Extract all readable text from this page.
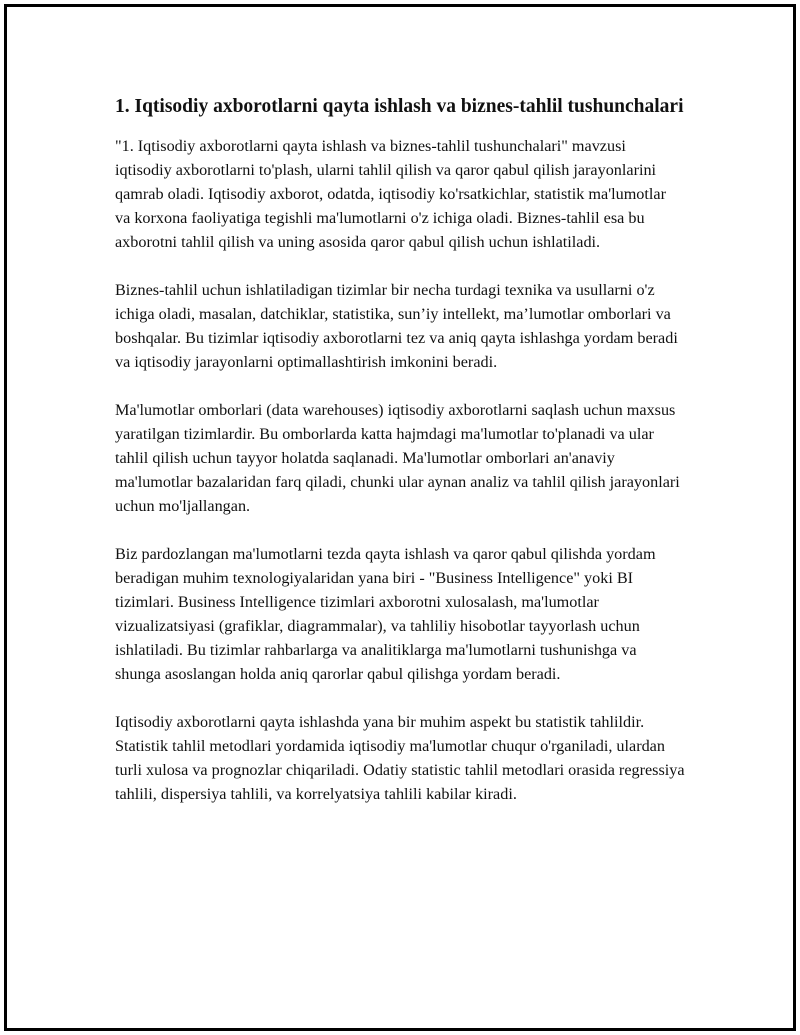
1. Iqtisodiy axborotlarni qayta ishlash va biznes-tahlil tushunchalari

"1. Iqtisodiy axborotlarni qayta ishlash va biznes-tahlil tushunchalari" mavzusi iqtisodiy axborotlarni to'plash, ularni tahlil qilish va qaror qabul qilish jarayonlarini qamrab oladi. Iqtisodiy axborot, odatda, iqtisodiy ko'rsatkichlar, statistik ma'lumotlar va korxona faoliyatiga tegishli ma'lumotlarni o'z ichiga oladi. Biznes-tahlil esa bu axborotni tahlil qilish va uning asosida qaror qabul qilish uchun ishlatiladi.

Biznes-tahlil uchun ishlatiladigan tizimlar bir necha turdagi texnika va usullarni o'z ichiga oladi, masalan, datchiklar, statistika, sun’iy intellekt, ma’lumotlar omborlari va boshqalar. Bu tizimlar iqtisodiy axborotlarni tez va aniq qayta ishlashga yordam beradi va iqtisodiy jarayonlarni optimallashtirish imkonini beradi.

Ma'lumotlar omborlari (data warehouses) iqtisodiy axborotlarni saqlash uchun maxsus yaratilgan tizimlardir. Bu omborlarda katta hajmdagi ma'lumotlar to'planadi va ular tahlil qilish uchun tayyor holatda saqlanadi. Ma'lumotlar omborlari an'anaviy ma'lumotlar bazalaridan farq qiladi, chunki ular aynan analiz va tahlil qilish jarayonlari uchun mo'ljallangan.

Biz pardozlangan ma'lumotlarni tezda qayta ishlash va qaror qabul qilishda yordam beradigan muhim texnologiyalaridan yana biri - "Business Intelligence" yoki BI tizimlari. Business Intelligence tizimlari axborotni xulosalash, ma'lumotlar vizualizatsiyasi (grafiklar, diagrammalar), va tahliliy hisobotlar tayyorlash uchun ishlatiladi. Bu tizimlar rahbarlarga va analitiklarga ma'lumotlarni tushunishga va shunga asoslangan holda aniq qarorlar qabul qilishga yordam beradi.

Iqtisodiy axborotlarni qayta ishlashda yana bir muhim aspekt bu statistik tahlildir. Statistik tahlil metodlari yordamida iqtisodiy ma'lumotlar chuqur o'rganiladi, ulardan turli xulosa va prognozlar chiqariladi. Odatiy statistic tahlil metodlari orasida regressiya tahlili, dispersiya tahlili, va korrelyatsiya tahlili kabilar kiradi.
